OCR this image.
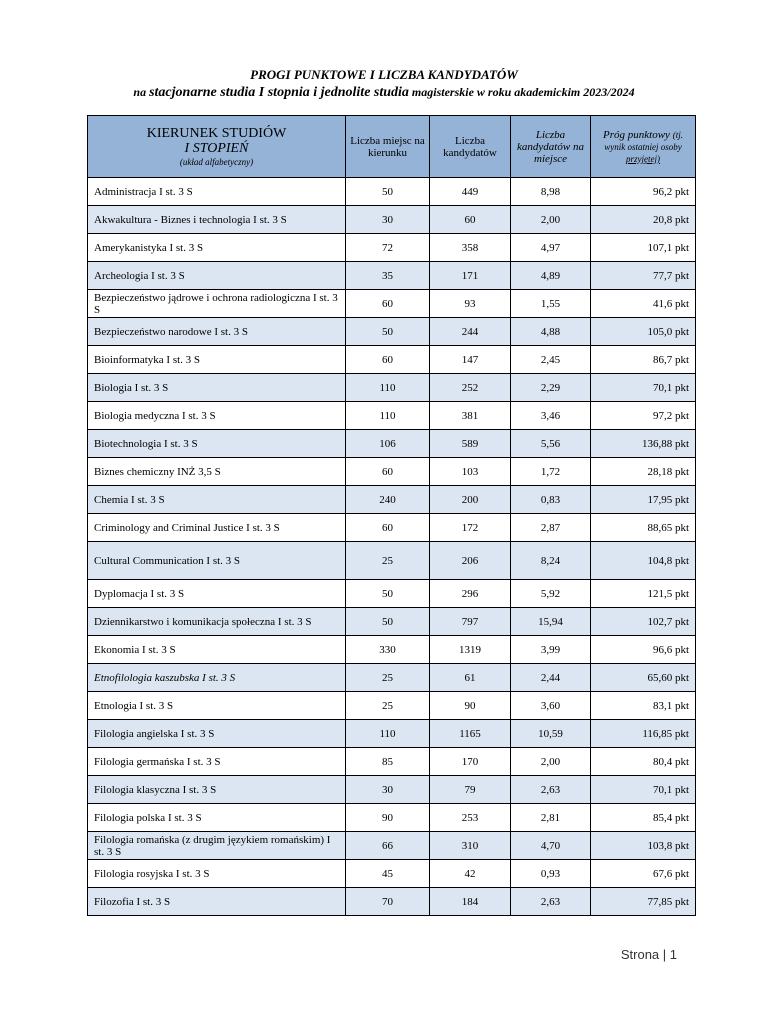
PROGI PUNKTOWE I LICZBA KANDYDATÓW
na stacjonarne studia I stopnia i jednolite studia magisterskie w roku akademickim 2023/2024
KIERUNEK STUDIÓW
I STOPIEŃ
(układ alfabetyczny)	Liczba miejsc na kierunku	Liczba kandydatów	Liczba kandydatów na miejsce	Próg punktowy (tj. wynik ostatniej osoby przyjętej)
Administracja I st. 3 S	50	449	8,98	96,2 pkt
Akwakultura - Biznes i technologia I st. 3 S	30	60	2,00	20,8 pkt
Amerykanistyka I st. 3 S	72	358	4,97	107,1 pkt
Archeologia I st. 3 S	35	171	4,89	77,7 pkt
Bezpieczeństwo jądrowe i ochrona radiologiczna I st. 3 S	60	93	1,55	41,6 pkt
Bezpieczeństwo narodowe I st. 3 S	50	244	4,88	105,0 pkt
Bioinformatyka I st. 3 S	60	147	2,45	86,7 pkt
Biologia I st. 3 S	110	252	2,29	70,1 pkt
Biologia medyczna I st. 3 S	110	381	3,46	97,2 pkt
Biotechnologia I st. 3 S	106	589	5,56	136,88 pkt
Biznes chemiczny INŻ 3,5 S	60	103	1,72	28,18 pkt
Chemia I st. 3 S	240	200	0,83	17,95 pkt
Criminology and Criminal Justice I st. 3 S	60	172	2,87	88,65 pkt
Cultural Communication I st. 3 S	25	206	8,24	104,8 pkt
Dyplomacja I st. 3 S	50	296	5,92	121,5 pkt
Dziennikarstwo i komunikacja społeczna I st. 3 S	50	797	15,94	102,7 pkt
Ekonomia I st. 3 S	330	1319	3,99	96,6 pkt
Etnofilologia kaszubska I st. 3 S	25	61	2,44	65,60 pkt
Etnologia I st. 3 S	25	90	3,60	83,1 pkt
Filologia angielska I st. 3 S	110	1165	10,59	116,85 pkt
Filologia germańska I st. 3 S	85	170	2,00	80,4 pkt
Filologia klasyczna I st. 3 S	30	79	2,63	70,1 pkt
Filologia polska I st. 3 S	90	253	2,81	85,4 pkt
Filologia romańska (z drugim językiem romańskim) I st. 3 S	66	310	4,70	103,8 pkt
Filologia rosyjska I st. 3 S	45	42	0,93	67,6 pkt
Filozofia I st. 3 S	70	184	2,63	77,85 pkt
Strona | 1
